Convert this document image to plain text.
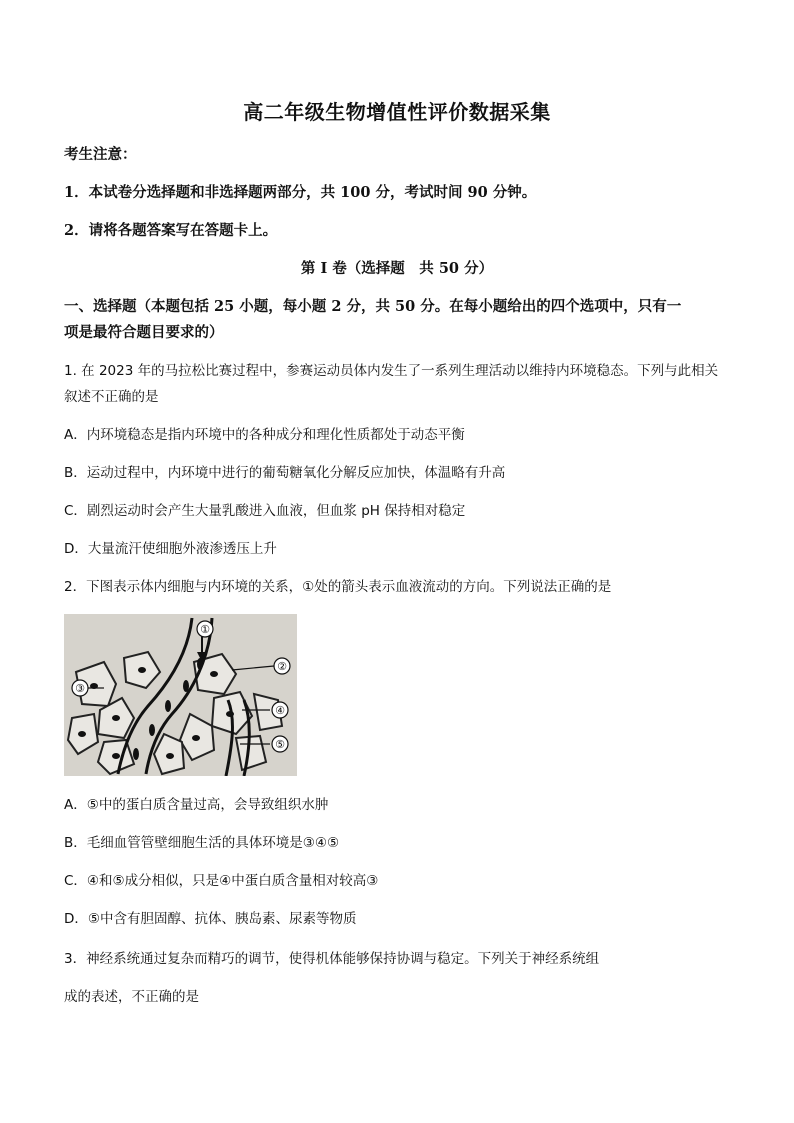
高二年级生物增值性评价数据采集
考生注意：
1．本试卷分选择题和非选择题两部分，共 100 分，考试时间 90 分钟。
2．请将各题答案写在答题卡上。
第 I 卷（选择题　共 50 分）
一、选择题（本题包括 25 小题，每小题 2 分，共 50 分。在每小题给出的四个选项中，只有一
项是最符合题目要求的）
1. 在 2023 年的马拉松比赛过程中，参赛运动员体内发生了一系列生理活动以维持内环境稳态。下列与此相关
叙述不正确的是
A．内环境稳态是指内环境中的各种成分和理化性质都处于动态平衡
B．运动过程中，内环境中进行的葡萄糖氧化分解反应加快，体温略有升高
C．剧烈运动时会产生大量乳酸进入血液，但血浆 pH 保持相对稳定
D．大量流汗使细胞外液渗透压上升
2．下图表示体内细胞与内环境的关系，①处的箭头表示血液流动的方向。下列说法正确的是
①
②
③
④
⑤
A．⑤中的蛋白质含量过高，会导致组织水肿
B．毛细血管管壁细胞生活的具体环境是③④⑤
C．④和⑤成分相似，只是④中蛋白质含量相对较高③
D．⑤中含有胆固醇、抗体、胰岛素、尿素等物质
3．神经系统通过复杂而精巧的调节，使得机体能够保持协调与稳定。下列关于神经系统组
成的表述，不正确的是
